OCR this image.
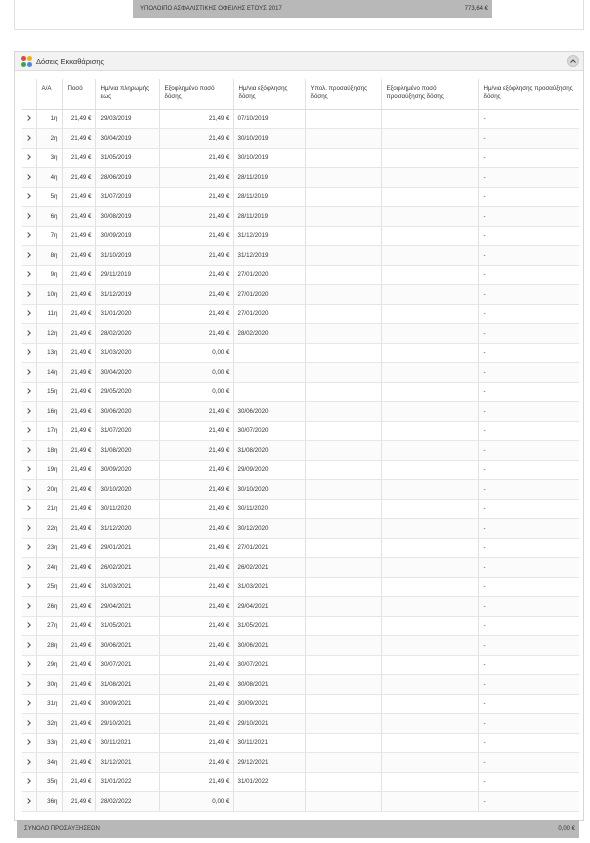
ΥΠΟΛΟΙΠΟ ΑΣΦΑΛΙΣΤΙΚΗΣ ΟΦΕΙΛΗΣ ΕΤΟΥΣ 2017	773,64 €
Δόσεις Εκκαθάρισης
	Α/Α	Ποσό	Ημ/νια πληρωμής εως	Εξοφλημένο ποσό δόσης	Ημ/νια εξόφλησης δόσης	Υπολ. προσαύξησης δόσης	Εξοφλημένο ποσό προσαύξησης δόσης	Ημ/νια εξόφλησης προσαύξησης δόσης
	1η	21,49 €	29/03/2019	21,49 €	07/10/2019			-
	2η	21,49 €	30/04/2019	21,49 €	30/10/2019			-
	3η	21,49 €	31/05/2019	21,49 €	30/10/2019			-
	4η	21,49 €	28/06/2019	21,49 €	28/11/2019			-
	5η	21,49 €	31/07/2019	21,49 €	28/11/2019			-
	6η	21,49 €	30/08/2019	21,49 €	28/11/2019			-
	7η	21,49 €	30/09/2019	21,49 €	31/12/2019			-
	8η	21,49 €	31/10/2019	21,49 €	31/12/2019			-
	9η	21,49 €	29/11/2019	21,49 €	27/01/2020			-
	10η	21,49 €	31/12/2019	21,49 €	27/01/2020			-
	11η	21,49 €	31/01/2020	21,49 €	27/01/2020			-
	12η	21,49 €	28/02/2020	21,49 €	28/02/2020			-
	13η	21,49 €	31/03/2020	0,00 €				-
	14η	21,49 €	30/04/2020	0,00 €				-
	15η	21,49 €	29/05/2020	0,00 €				-
	16η	21,49 €	30/06/2020	21,49 €	30/06/2020			-
	17η	21,49 €	31/07/2020	21,49 €	30/07/2020			-
	18η	21,49 €	31/08/2020	21,49 €	31/08/2020			-
	19η	21,49 €	30/09/2020	21,49 €	29/09/2020			-
	20η	21,49 €	30/10/2020	21,49 €	30/10/2020			-
	21η	21,49 €	30/11/2020	21,49 €	30/11/2020			-
	22η	21,49 €	31/12/2020	21,49 €	30/12/2020			-
	23η	21,49 €	29/01/2021	21,49 €	27/01/2021			-
	24η	21,49 €	26/02/2021	21,49 €	26/02/2021			-
	25η	21,49 €	31/03/2021	21,49 €	31/03/2021			-
	26η	21,49 €	29/04/2021	21,49 €	29/04/2021			-
	27η	21,49 €	31/05/2021	21,49 €	31/05/2021			-
	28η	21,49 €	30/06/2021	21,49 €	30/06/2021			-
	29η	21,49 €	30/07/2021	21,49 €	30/07/2021			-
	30η	21,49 €	31/08/2021	21,49 €	30/08/2021			-
	31η	21,49 €	30/09/2021	21,49 €	30/09/2021			-
	32η	21,49 €	29/10/2021	21,49 €	29/10/2021			-
	33η	21,49 €	30/11/2021	21,49 €	30/11/2021			-
	34η	21,49 €	31/12/2021	21,49 €	29/12/2021			-
	35η	21,49 €	31/01/2022	21,49 €	31/01/2022			-
	36η	21,49 €	28/02/2022	0,00 €				-
ΣΥΝΟΛΟ ΠΡΟΣΑΥΞΗΣΕΩΝ	0,00 €
